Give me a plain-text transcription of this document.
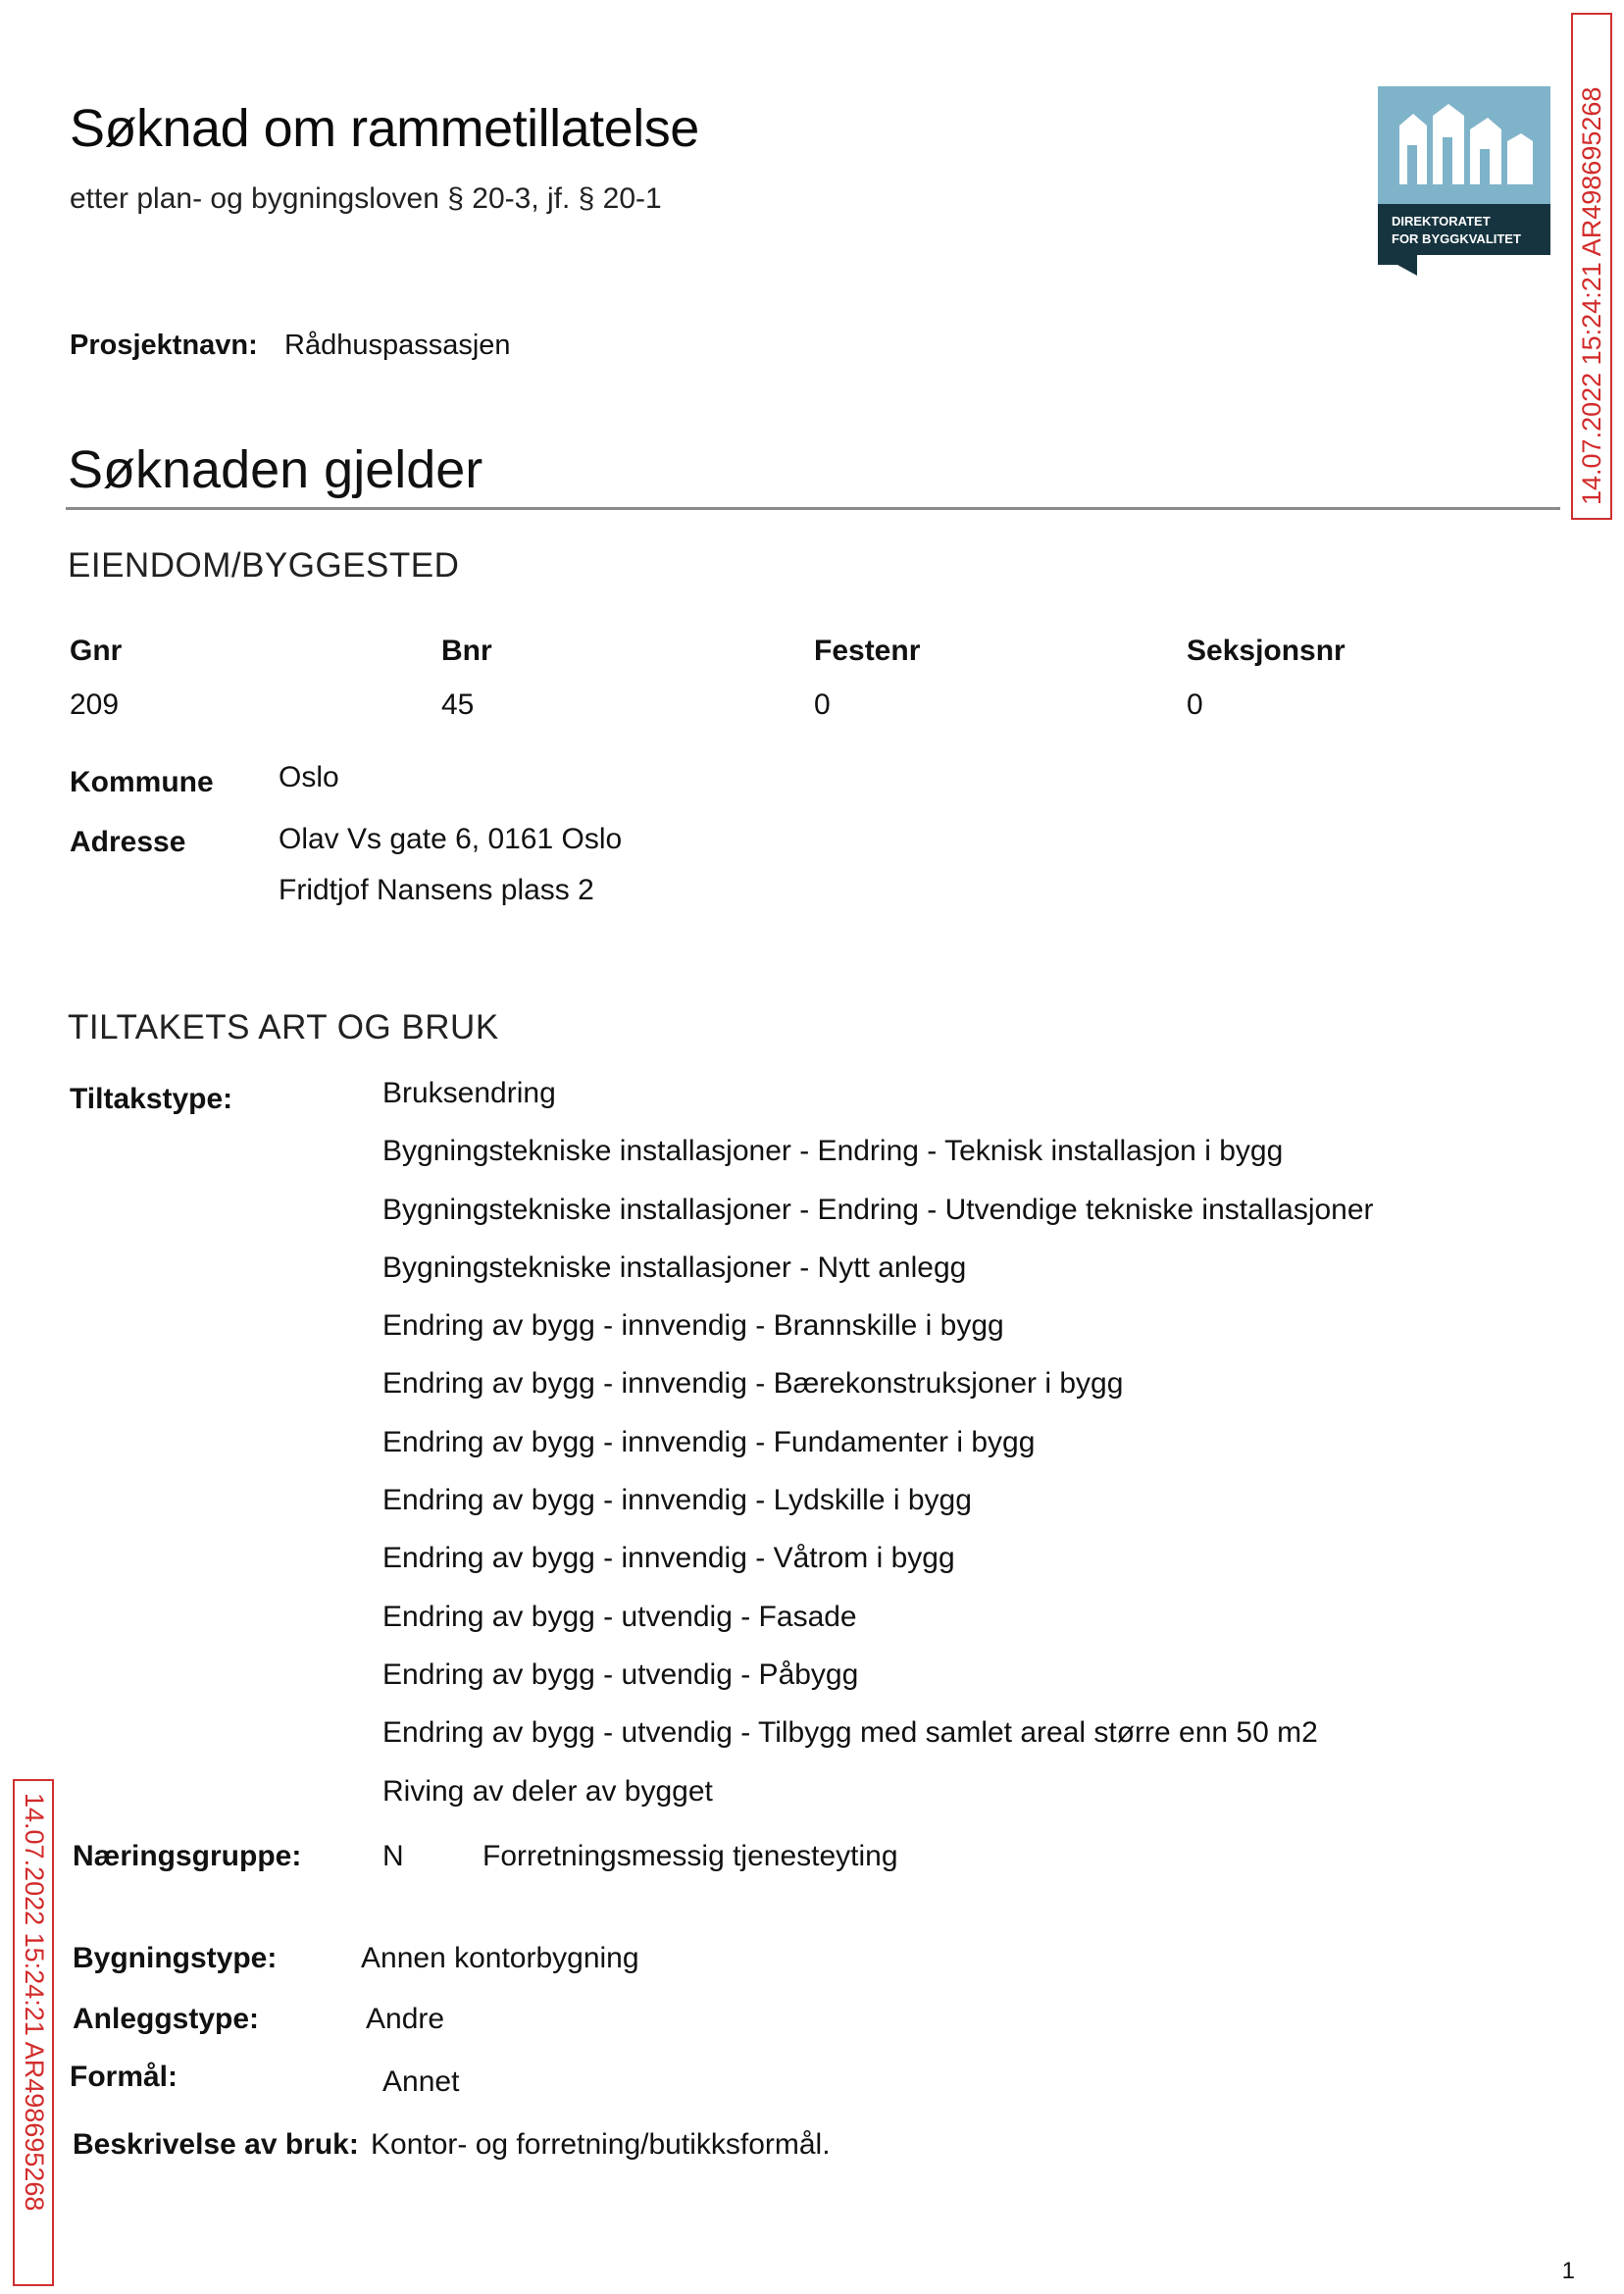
Søknad om rammetillatelse
etter plan- og bygningsloven § 20-3, jf. § 20-1
DIREKTORATET
FOR BYGGKVALITET
Prosjektnavn: Rådhuspassasjen
Søknaden gjelder
EIENDOM/BYGGESTED
Gnr	Bnr	Festenr	Seksjonsnr
209	45	0	0
Kommune Oslo
Adresse	Olav Vs gate 6, 0161 Oslo
Fridtjof Nansens plass 2
TILTAKETS ART OG BRUK
Tiltakstype:	Bruksendring
Bygningstekniske installasjoner - Endring - Teknisk installasjon i bygg
Bygningstekniske installasjoner - Endring - Utvendige tekniske installasjoner
Bygningstekniske installasjoner - Nytt anlegg
Endring av bygg - innvendig - Brannskille i bygg
Endring av bygg - innvendig - Bærekonstruksjoner i bygg
Endring av bygg - innvendig - Fundamenter i bygg
Endring av bygg - innvendig - Lydskille i bygg
Endring av bygg - innvendig - Våtrom i bygg
Endring av bygg - utvendig - Fasade
Endring av bygg - utvendig - Påbygg
Endring av bygg - utvendig - Tilbygg med samlet areal større enn 50 m2
Riving av deler av bygget
Næringsgruppe:	N	Forretningsmessig tjenesteyting
Bygningstype:	Annen kontorbygning
Anleggstype:	Andre
Formål:	Annet
Beskrivelse av bruk: Kontor- og forretning/butikksformål.
14.07.2022 15:24:21 AR498695268
14.07.2022 15:24:21 AR498695268
1
